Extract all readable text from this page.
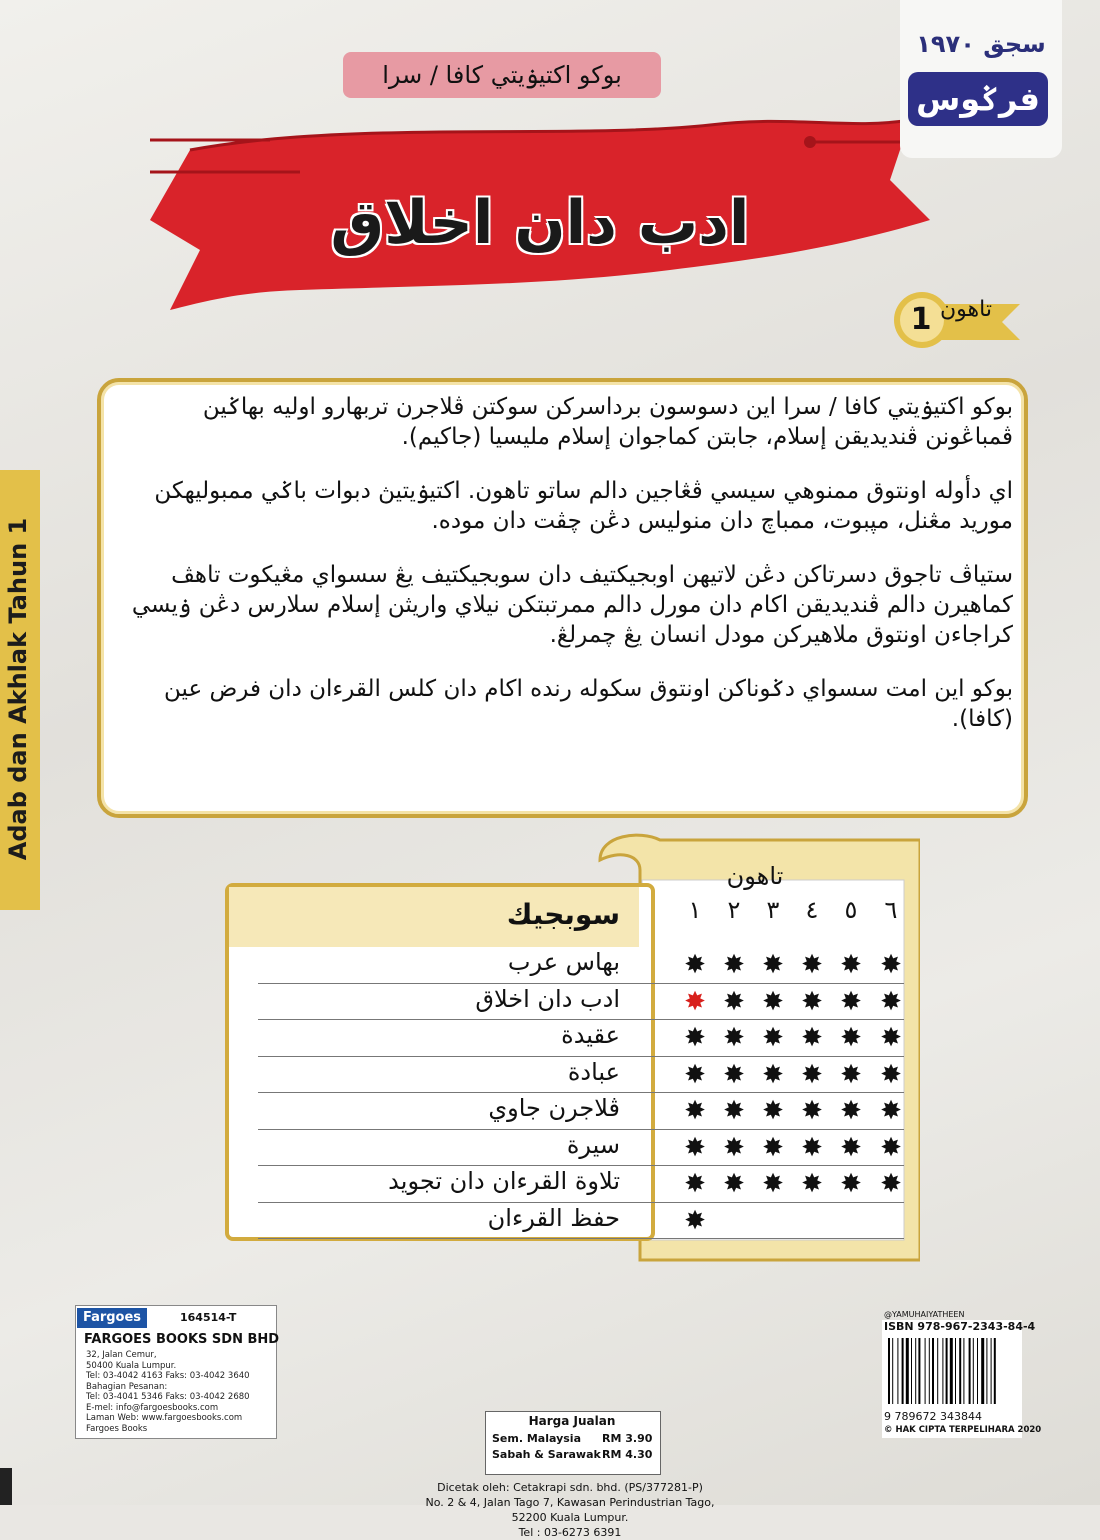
بوكو اكتيۏيتي كافا / سرا
سجق ١٩٧٠
فرݢوس
ادب دان اخلاق
تاهون
1

بوكو اكتيۏيتي كافا / سرا اين دسوسون برداسركن سوكتن ڤلاجرن تربهارو اوليه بهاݢين ڤمباڠونن ڤنديديقن إسلام، جابتن كماجوان إسلام مليسيا (جاكيم).

اي دأوله اونتوق ممنوهي سيسي ڤڠاجين دالم ساتو تاهون. اكتيۏيتيڽ دبوات باݢي ممبوليهكن موريد مڠنل، مڽبوت، ممباچ دان منوليس دڠن چڤت دان موده.

ستياڤ تاجوق دسرتاكن دڠن لاتيهن اوبجيكتيف دان سوبجيكتيف يڠ سسواي مڠيكوت تاهڤ كماهيرن دالم ڤنديديقن اكام دان مورل دالم ممرتبتكن نيلاي واريثن إسلام سلارس دڠن ۏيسي كراجاءن اونتوق ملاهيركن مودل انسان يڠ چمرلڠ.

بوكو اين امت سسواي دݢوناكن اونتوق سكوله رنده اكام دان كلس القرءان دان فرض عين (كافا).

Adab dan Akhlak Tahun 1
سوبجيك
تاهون
١	٢	٣	٤	٥	٦
بهاس عرب ✸ ✸ ✸ ✸ ✸ ✸
ادب دان اخلاق ✸ ✸ ✸ ✸ ✸ ✸
عقيدة ✸ ✸ ✸ ✸ ✸ ✸
عبادة ✸ ✸ ✸ ✸ ✸ ✸
ڤلاجرن جاوي ✸ ✸ ✸ ✸ ✸ ✸
سيرة ✸ ✸ ✸ ✸ ✸ ✸
تلاوة القرءان دان تجويد ✸ ✸ ✸ ✸ ✸ ✸
حفظ القرءان ✸
Fargoes	164514-T
FARGOES BOOKS SDN BHD
32, Jalan Cemur,
50400 Kuala Lumpur.
Tel: 03-4042 4163 Faks: 03-4042 3640
Bahagian Pesanan:
Tel: 03-4041 5346 Faks: 03-4042 2680
E-mel: info@fargoesbooks.com
Laman Web: www.fargoesbooks.com
Fargoes Books
Harga Jualan
Sem. Malaysia RM 3.90
Sabah & Sarawak RM 4.30
Dicetak oleh: Cetakrapi sdn. bhd. (PS/377281-P)
No. 2 & 4, Jalan Tago 7, Kawasan Perindustrian Tago,
52200 Kuala Lumpur.
Tel : 03-6273 6391
@YAMUHAIYATHEEN
ISBN 978-967-2343-84-4
9 789672 343844
© HAK CIPTA TERPELIHARA 2020
